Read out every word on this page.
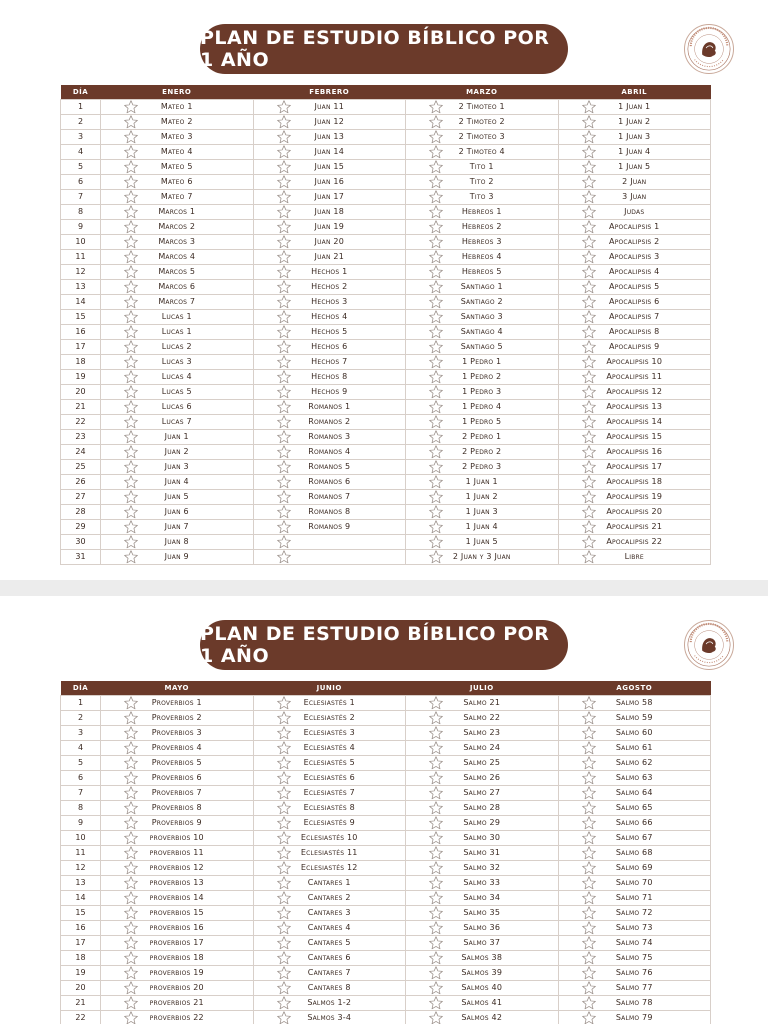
PLAN DE ESTUDIO BÍBLICO POR 1 AÑO
DÍA	ENERO	FEBRERO	MARZO	ABRIL
1	Mateo 1	Juan 11	2 Timoteo 1	1 Juan 1

2	Mateo 2	Juan 12	2 Timoteo 2	1 Juan 2

3	Mateo 3	Juan 13	2 Timoteo 3	1 Juan 3

4	Mateo 4	Juan 14	2 Timoteo 4	1 Juan 4

5	Mateo 5	Juan 15	Tito 1	1 Juan 5

6	Mateo 6	Juan 16	Tito 2	2 Juan

7	Mateo 7	Juan 17	Tito 3	3 Juan

8	Marcos 1	Juan 18	Hebreos 1	Judas

9	Marcos 2	Juan 19	Hebreos 2	Apocalipsis 1

10	Marcos 3	Juan 20	Hebreos 3	Apocalipsis 2

11	Marcos 4	Juan 21	Hebreos 4	Apocalipsis 3

12	Marcos 5	Hechos 1	Hebreos 5	Apocalipsis 4

13	Marcos 6	Hechos 2	Santiago 1	Apocalipsis 5

14	Marcos 7	Hechos 3	Santiago 2	Apocalipsis 6

15	Lucas 1	Hechos 4	Santiago 3	Apocalipsis 7

16	Lucas 1	Hechos 5	Santiago 4	Apocalipsis 8

17	Lucas 2	Hechos 6	Santiago 5	Apocalipsis 9

18	Lucas 3	Hechos 7	1 Pedro 1	Apocalipsis 10

19	Lucas 4	Hechos 8	1 Pedro 2	Apocalipsis 11

20	Lucas 5	Hechos 9	1 Pedro 3	Apocalipsis 12

21	Lucas 6	Romanos 1	1 Pedro 4	Apocalipsis 13

22	Lucas 7	Romanos 2	1 Pedro 5	Apocalipsis 14

23	Juan 1	Romanos 3	2 Pedro 1	Apocalipsis 15

24	Juan 2	Romanos 4	2 Pedro 2	Apocalipsis 16

25	Juan 3	Romanos 5	2 Pedro 3	Apocalipsis 17

26	Juan 4	Romanos 6	1 Juan 1	Apocalipsis 18

27	Juan 5	Romanos 7	1 Juan 2	Apocalipsis 19

28	Juan 6	Romanos 8	1 Juan 3	Apocalipsis 20

29	Juan 7	Romanos 9	1 Juan 4	Apocalipsis 21

30	Juan 8		1 Juan 5	Apocalipsis 22

31	Juan 9		2 Juan y 3 Juan	Libre
PLAN DE ESTUDIO BÍBLICO POR 1 AÑO
DÍA	MAYO	JUNIO	JULIO	AGOSTO
1	Proverbios 1	Eclesiastés 1	Salmo 21	Salmo 58

2	Proverbios 2	Eclesiastés 2	Salmo 22	Salmo 59

3	Proverbios 3	Eclesiastés 3	Salmo 23	Salmo 60

4	Proverbios 4	Eclesiastés 4	Salmo 24	Salmo 61

5	Proverbios 5	Eclesiastés 5	Salmo 25	Salmo 62

6	Proverbios 6	Eclesiastés 6	Salmo 26	Salmo 63

7	Proverbios 7	Eclesiastés 7	Salmo 27	Salmo 64

8	Proverbios 8	Eclesiastés 8	Salmo 28	Salmo 65

9	Proverbios 9	Eclesiastés 9	Salmo 29	Salmo 66

10	proverbios 10	Eclesiastés 10	Salmo 30	Salmo 67

11	proverbios 11	Eclesiastés 11	Salmo 31	Salmo 68

12	proverbios 12	Eclesiastés 12	Salmo 32	Salmo 69

13	proverbios 13	Cantares 1	Salmo 33	Salmo 70

14	proverbios 14	Cantares 2	Salmo 34	Salmo 71

15	proverbios 15	Cantares 3	Salmo 35	Salmo 72

16	proverbios 16	Cantares 4	Salmo 36	Salmo 73

17	proverbios 17	Cantares 5	Salmo 37	Salmo 74

18	proverbios 18	Cantares 6	Salmos 38	Salmo 75

19	proverbios 19	Cantares 7	Salmos 39	Salmo 76

20	proverbios 20	Cantares 8	Salmos 40	Salmo 77

21	proverbios 21	Salmos 1-2	Salmos 41	Salmo 78

22	proverbios 22	Salmos 3-4	Salmos 42	Salmo 79
